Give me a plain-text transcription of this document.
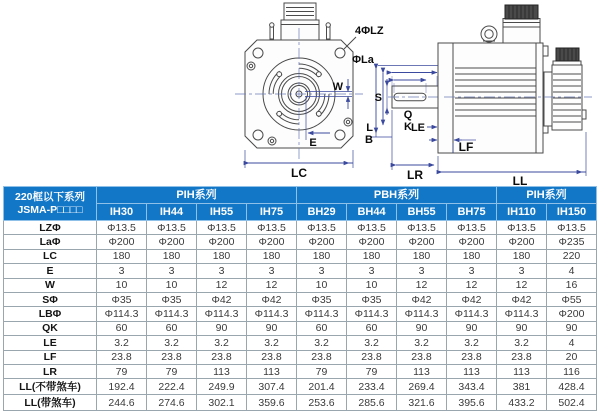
4ΦLZ
W
E
LC
ΦLa
L
B
S
Q
K
LE
LF
LR	LL
220框以下系列
JSMA-P□□□□	PIH系列				PBH系列				PIH系列	
	IH30	IH44	IH55	IH75	BH29	BH44	BH55	BH75	IH110	IH150
LZΦ	Φ13.5	Φ13.5	Φ13.5	Φ13.5	Φ13.5	Φ13.5	Φ13.5	Φ13.5	Φ13.5	Φ13.5
LaΦ	Φ200	Φ200	Φ200	Φ200	Φ200	Φ200	Φ200	Φ200	Φ200	Φ235
LC	180	180	180	180	180	180	180	180	180	220
E	3	3	3	3	3	3	3	3	3	4
W	10	10	12	12	10	10	12	12	12	16
SΦ	Φ35	Φ35	Φ42	Φ42	Φ35	Φ35	Φ42	Φ42	Φ42	Φ55
LBΦ	Φ114.3	Φ114.3	Φ114.3	Φ114.3	Φ114.3	Φ114.3	Φ114.3	Φ114.3	Φ114.3	Φ200
QK	60	60	90	90	60	60	90	90	90	90
LE	3.2	3.2	3.2	3.2	3.2	3.2	3.2	3.2	3.2	4
LF	23.8	23.8	23.8	23.8	23.8	23.8	23.8	23.8	23.8	20
LR	79	79	113	113	79	79	113	113	113	116
LL(不带煞车)	192.4	222.4	249.9	307.4	201.4	233.4	269.4	343.4	381	428.4
LL(带煞车)	244.6	274.6	302.1	359.6	253.6	285.6	321.6	395.6	433.2	502.4
